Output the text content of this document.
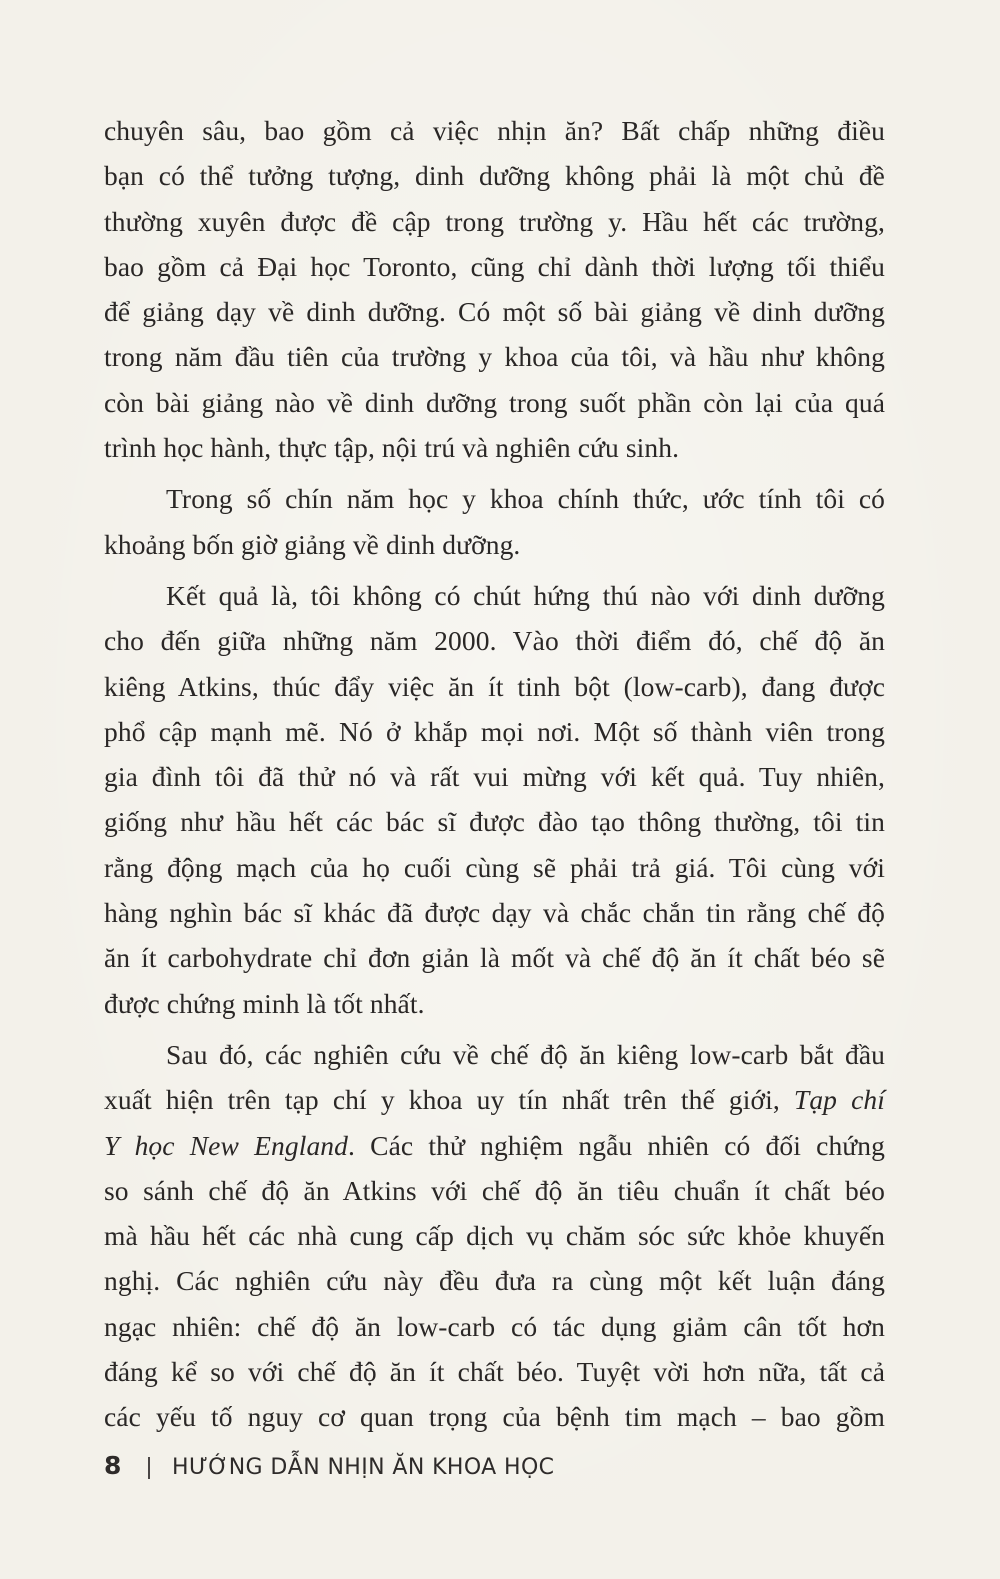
chuyên sâu, bao gồm cả việc nhịn ăn? Bất chấp những điều
bạn có thể tưởng tượng, dinh dưỡng không phải là một chủ đề
thường xuyên được đề cập trong trường y. Hầu hết các trường,
bao gồm cả Đại học Toronto, cũng chỉ dành thời lượng tối thiểu
để giảng dạy về dinh dưỡng. Có một số bài giảng về dinh dưỡng
trong năm đầu tiên của trường y khoa của tôi, và hầu như không
còn bài giảng nào về dinh dưỡng trong suốt phần còn lại của quá
trình học hành, thực tập, nội trú và nghiên cứu sinh.
Trong số chín năm học y khoa chính thức, ước tính tôi có
khoảng bốn giờ giảng về dinh dưỡng.
Kết quả là, tôi không có chút hứng thú nào với dinh dưỡng
cho đến giữa những năm 2000. Vào thời điểm đó, chế độ ăn
kiêng Atkins, thúc đẩy việc ăn ít tinh bột (low-carb), đang được
phổ cập mạnh mẽ. Nó ở khắp mọi nơi. Một số thành viên trong
gia đình tôi đã thử nó và rất vui mừng với kết quả. Tuy nhiên,
giống như hầu hết các bác sĩ được đào tạo thông thường, tôi tin
rằng động mạch của họ cuối cùng sẽ phải trả giá. Tôi cùng với
hàng nghìn bác sĩ khác đã được dạy và chắc chắn tin rằng chế độ
ăn ít carbohydrate chỉ đơn giản là mốt và chế độ ăn ít chất béo sẽ
được chứng minh là tốt nhất.
Sau đó, các nghiên cứu về chế độ ăn kiêng low-carb bắt đầu
xuất hiện trên tạp chí y khoa uy tín nhất trên thế giới, Tạp chí
Y học New England. Các thử nghiệm ngẫu nhiên có đối chứng
so sánh chế độ ăn Atkins với chế độ ăn tiêu chuẩn ít chất béo
mà hầu hết các nhà cung cấp dịch vụ chăm sóc sức khỏe khuyến
nghị. Các nghiên cứu này đều đưa ra cùng một kết luận đáng
ngạc nhiên: chế độ ăn low-carb có tác dụng giảm cân tốt hơn
đáng kể so với chế độ ăn ít chất béo. Tuyệt vời hơn nữa, tất cả
các yếu tố nguy cơ quan trọng của bệnh tim mạch – bao gồm
8 HƯỚNG DẪN NHỊN ĂN KHOA HỌC
